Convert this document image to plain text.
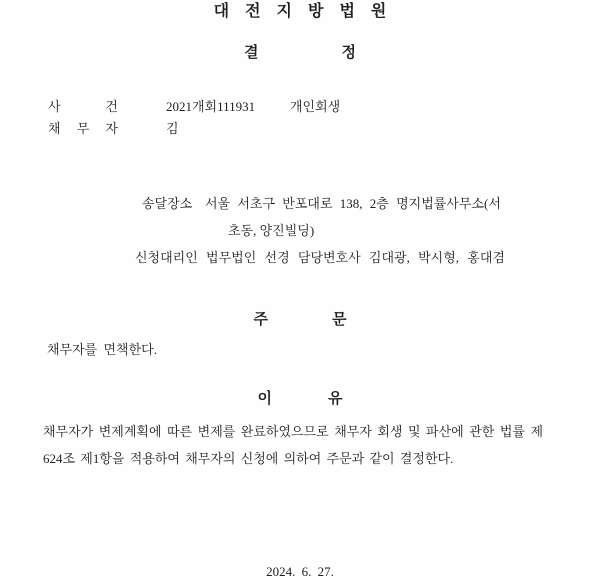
대전지방법원
결 정
사 건	2021개회111931	개인회생
채 무 자	김
송달장소 서울 서초구 반포대로 138, 2층 명지법률사무소(서
초동, 양진빌딩)
신청대리인 법무법인 선경 담당변호사 김대광, 박시형, 홍대겸
주 문
채무자를 면책한다.
이 유
채무자가 변제계획에 따른 변제를 완료하였으므로 채무자 회생 및 파산에 관한 법률 제624조 제1항을 적용하여 채무자의 신청에 의하여 주문과 같이 결정한다.
2024. 6. 27.
